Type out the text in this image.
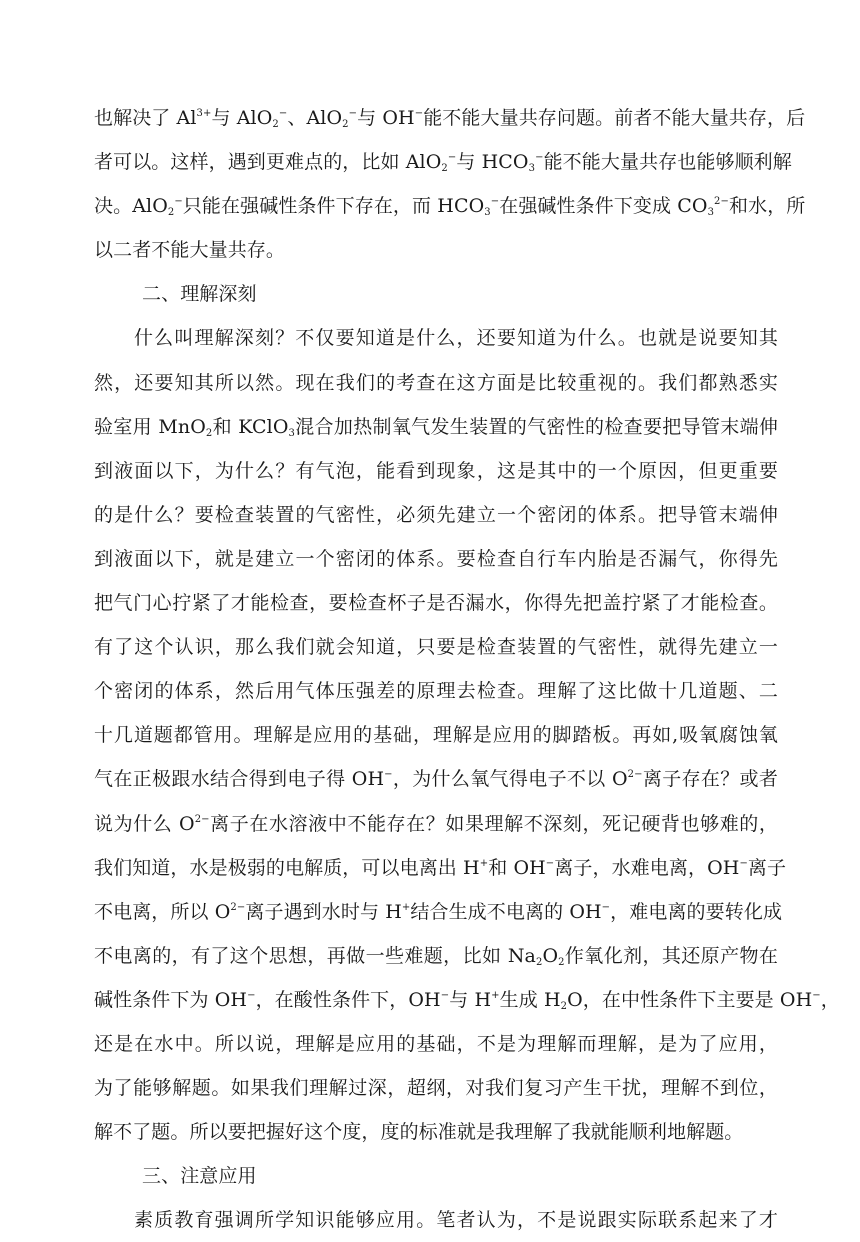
也解决了 $Al^{3+}$与 AlO$_2$−、AlO$_2$−与 OH−能不能大量共存问题。前者不能大量共存，后
者可以。这样，遇到更难点的，比如 AlO$_2$−与 $HCO_3^-$能不能大量共存也能够顺利解
决。AlO$_2$−只能在强碱性条件下存在，而 $HCO_3^-$在强碱性条件下变成 $CO_3^{2-}$和水，所
以二者不能大量共存。
二、理解深刻
什么叫理解深刻？不仅要知道是什么，还要知道为什么。也就是说要知其
然，还要知其所以然。现在我们的考查在这方面是比较重视的。我们都熟悉实
验室用 MnO$_2$和 KClO$_3$混合加热制氧气发生装置的气密性的检查要把导管末端伸
到液面以下，为什么？有气泡，能看到现象，这是其中的一个原因，但更重要
的是什么？要检查装置的气密性，必须先建立一个密闭的体系。把导管末端伸
到液面以下，就是建立一个密闭的体系。要检查自行车内胎是否漏气，你得先
把气门心拧紧了才能检查，要检查杯子是否漏水，你得先把盖拧紧了才能检查。
有了这个认识，那么我们就会知道，只要是检查装置的气密性，就得先建立一
个密闭的体系，然后用气体压强差的原理去检查。理解了这比做十几道题、二
十几道题都管用。理解是应用的基础，理解是应用的脚踏板。再如,吸氧腐蚀氧
气在正极跟水结合得到电子得 OH−，为什么氧气得电子不以 $O^{2-}$离子存在？或者
说为什么 $O^{2-}$离子在水溶液中不能存在？如果理解不深刻，死记硬背也够难的，
我们知道，水是极弱的电解质，可以电离出 H+和 OH−离子，水难电离，OH−离子
不电离，所以 $O^{2-}$离子遇到水时与 H+结合生成不电离的 OH−，难电离的要转化成
不电离的，有了这个思想，再做一些难题，比如 $Na_2O_2$作氧化剂，其还原产物在
碱性条件下为 OH−，在酸性条件下，OH−与 H+生成 $H_2O$，在中性条件下主要是 OH−，
还是在水中。所以说，理解是应用的基础，不是为理解而理解，是为了应用，
为了能够解题。如果我们理解过深，超纲，对我们复习产生干扰，理解不到位，
解不了题。所以要把握好这个度，度的标准就是我理解了我就能顺利地解题。
三、注意应用
素质教育强调所学知识能够应用。笔者认为，不是说跟实际联系起来了才
